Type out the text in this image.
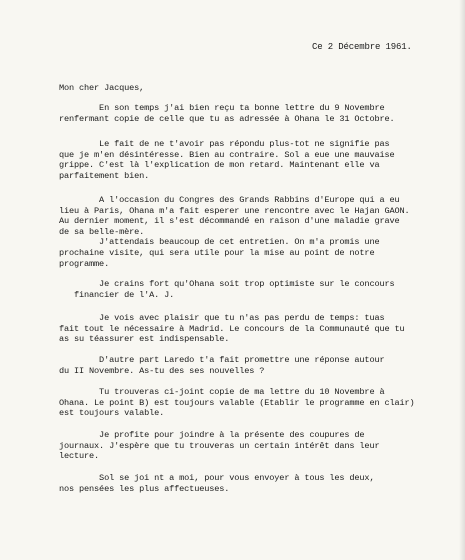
Ce 2 Décembre 1961.
Mon cher Jacques,
En son temps j'ai bien reçu ta bonne lettre du 9 Novembre
renfermant copie de celle que tu as adressée à Ohana le 31 Octobre.
Le fait de ne t'avoir pas répondu plus-tot ne signifie pas
que je m'en désintéresse. Bien au contraire. Sol a eue une mauvaise
grippe. C'est là l'explication de mon retard. Maintenant elle va
parfaitement bien.
A l'occasion du Congres des Grands Rabbins d'Europe qui a eu
lieu à Paris, Ohana m'a fait esperer une rencontre avec le Hajan GAON.
Au dernier moment, il s'est décommandé en raison d'une maladie grave
de sa belle-mère.
J'attendais beaucoup de cet entretien. On m'a promis une
prochaine visite, qui sera utile pour la mise au point de notre
programme.
Je crains fort qu'Ohana soit trop optimiste sur le concours
financier de l'A. J.
Je vois avec plaisir que tu n'as pas perdu de temps: tuas
fait tout le nécessaire à Madrid. Le concours de la Communauté que tu
as su téassurer est indispensable.
D'autre part Laredo t'a fait promettre une réponse autour
du II Novembre. As-tu des ses nouvelles ?
Tu trouveras ci-joint copie de ma lettre du 10 Novembre à
Ohana. Le point B) est toujours valable (Etablir le programme en clair)
est toujours valable.
Je profite pour joindre à la présente des coupures de
journaux. J'espère que tu trouveras un certain intérêt dans leur
lecture.
Sol se joi nt a moi, pour vous envoyer à tous les deux,
nos pensées les plus affectueuses.
